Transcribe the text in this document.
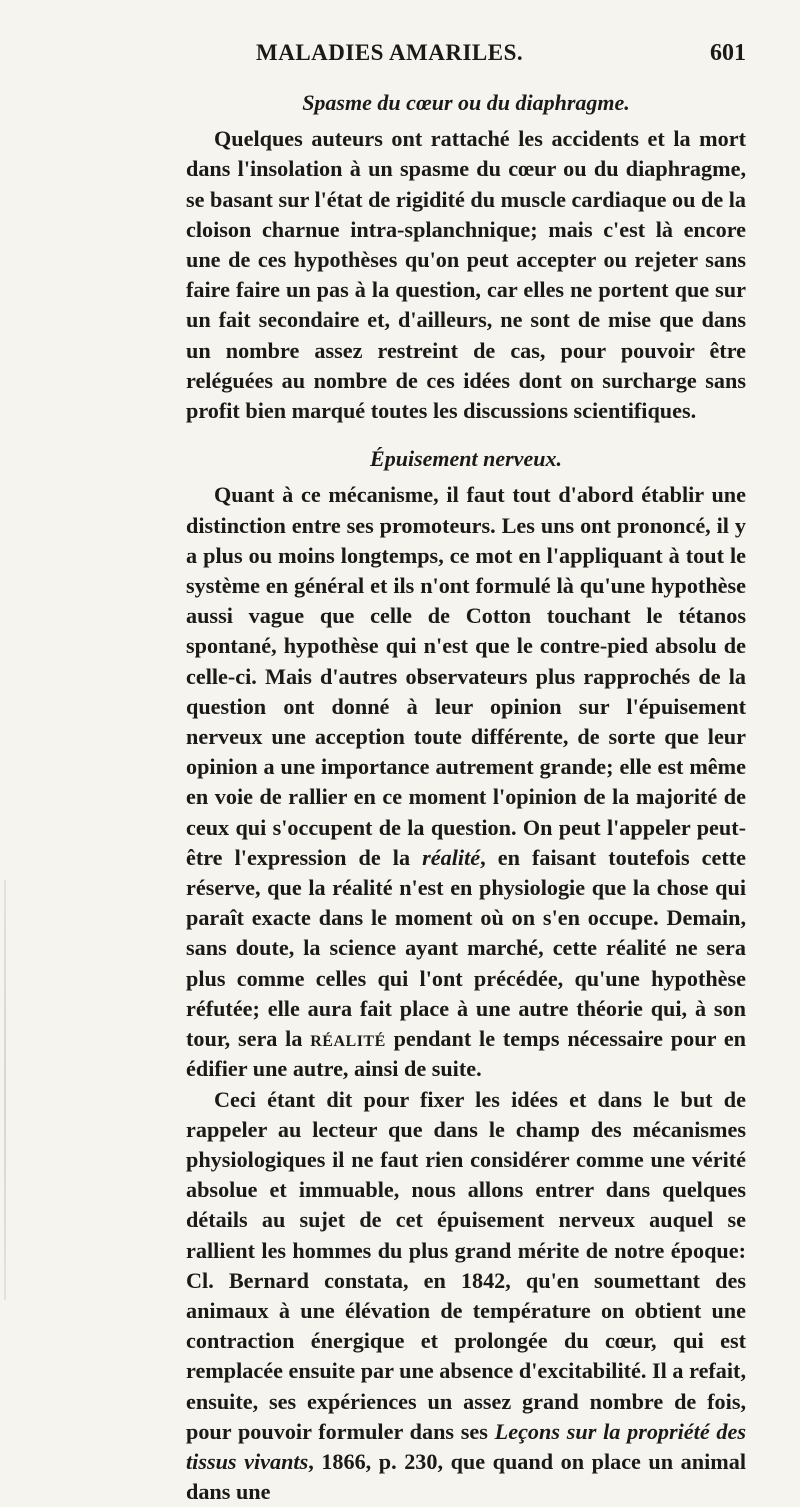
MALADIES AMARILES.	601
Spasme du cœur ou du diaphragme.

Quelques auteurs ont rattaché les accidents et la mort dans l'insolation à un spasme du cœur ou du diaphragme, se basant sur l'état de rigidité du muscle cardiaque ou de la cloison charnue intra-splanchnique; mais c'est là encore une de ces hypothèses qu'on peut accepter ou rejeter sans faire faire un pas à la question, car elles ne portent que sur un fait secondaire et, d'ailleurs, ne sont de mise que dans un nombre assez restreint de cas, pour pouvoir être reléguées au nombre de ces idées dont on surcharge sans profit bien marqué toutes les discussions scientifiques.

Épuisement nerveux.

Quant à ce mécanisme, il faut tout d'abord établir une distinction entre ses promoteurs. Les uns ont prononcé, il y a plus ou moins longtemps, ce mot en l'appliquant à tout le système en général et ils n'ont formulé là qu'une hypothèse aussi vague que celle de Cotton touchant le tétanos spontané, hypothèse qui n'est que le contre-pied absolu de celle-ci. Mais d'autres observateurs plus rapprochés de la question ont donné à leur opinion sur l'épuisement nerveux une acception toute différente, de sorte que leur opinion a une importance autrement grande; elle est même en voie de rallier en ce moment l'opinion de la majorité de ceux qui s'occupent de la question. On peut l'appeler peut-être l'expression de la réalité, en faisant toutefois cette réserve, que la réalité n'est en physiologie que la chose qui paraît exacte dans le moment où on s'en occupe. Demain, sans doute, la science ayant marché, cette réalité ne sera plus comme celles qui l'ont précédée, qu'une hypothèse réfutée; elle aura fait place à une autre théorie qui, à son tour, sera la réalité pendant le temps nécessaire pour en édifier une autre, ainsi de suite.

Ceci étant dit pour fixer les idées et dans le but de rappeler au lecteur que dans le champ des mécanismes physiologiques il ne faut rien considérer comme une vérité absolue et immuable, nous allons entrer dans quelques détails au sujet de cet épuisement nerveux auquel se rallient les hommes du plus grand mérite de notre époque: Cl. Bernard constata, en 1842, qu'en soumettant des animaux à une élévation de température on obtient une contraction énergique et prolongée du cœur, qui est remplacée ensuite par une absence d'excitabilité. Il a refait, ensuite, ses expériences un assez grand nombre de fois, pour pouvoir formuler dans ses Leçons sur la propriété des tissus vivants, 1866, p. 230, que quand on place un animal dans une
